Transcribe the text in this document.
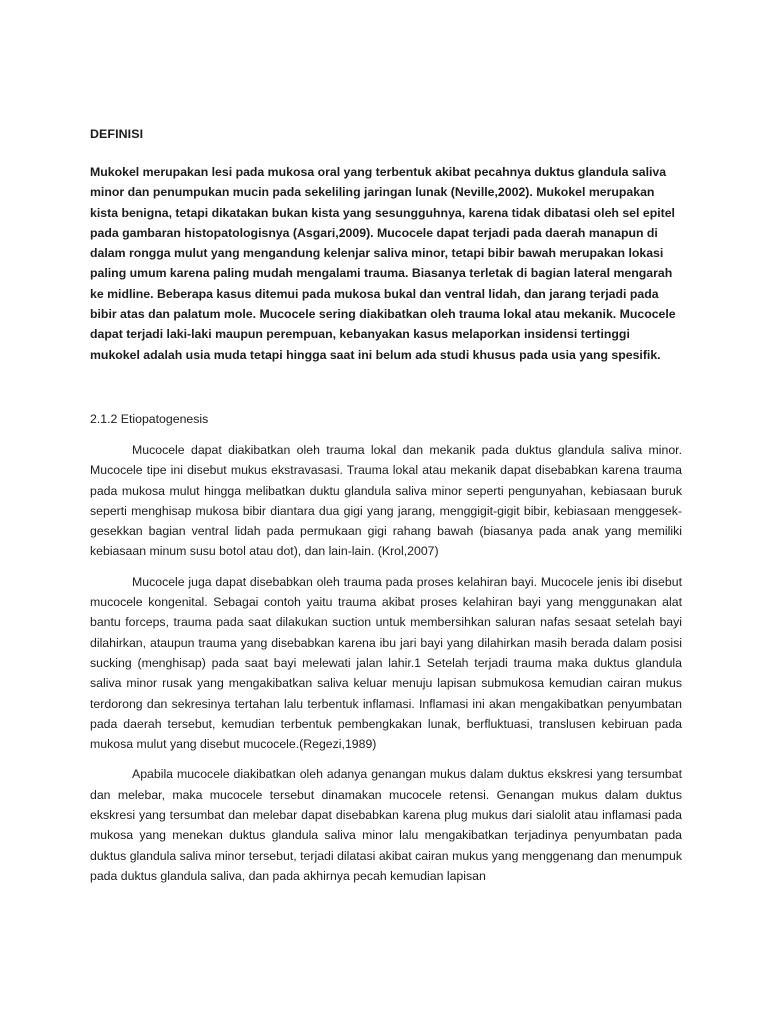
DEFINISI

Mukokel merupakan lesi pada mukosa oral yang terbentuk akibat pecahnya duktus glandula saliva minor dan penumpukan mucin pada sekeliling jaringan lunak (Neville,2002). Mukokel merupakan kista benigna, tetapi dikatakan bukan kista yang sesungguhnya, karena tidak dibatasi oleh sel epitel pada gambaran histopatologisnya (Asgari,2009). Mucocele dapat terjadi pada daerah manapun di dalam rongga mulut yang mengandung kelenjar saliva minor, tetapi bibir bawah merupakan lokasi paling umum karena paling mudah mengalami trauma. Biasanya terletak di bagian lateral mengarah ke midline. Beberapa kasus ditemui pada mukosa bukal dan ventral lidah, dan jarang terjadi pada bibir atas dan palatum mole. Mucocele sering diakibatkan oleh trauma lokal atau mekanik. Mucocele dapat terjadi laki-laki maupun perempuan, kebanyakan kasus melaporkan insidensi tertinggi mukokel adalah usia muda tetapi hingga saat ini belum ada studi khusus pada usia yang spesifik.

2.1.2 Etiopatogenesis

Mucocele dapat diakibatkan oleh trauma lokal dan mekanik pada duktus glandula saliva minor. Mucocele tipe ini disebut mukus ekstravasasi. Trauma lokal atau mekanik dapat disebabkan karena trauma pada mukosa mulut hingga melibatkan duktu glandula saliva minor seperti pengunyahan, kebiasaan buruk seperti menghisap mukosa bibir diantara dua gigi yang jarang, menggigit-gigit bibir, kebiasaan menggesek-gesekkan bagian ventral lidah pada permukaan gigi rahang bawah (biasanya pada anak yang memiliki kebiasaan minum susu botol atau dot), dan lain-lain. (Krol,2007)

Mucocele juga dapat disebabkan oleh trauma pada proses kelahiran bayi. Mucocele jenis ibi disebut mucocele kongenital. Sebagai contoh yaitu trauma akibat proses kelahiran bayi yang menggunakan alat bantu forceps, trauma pada saat dilakukan suction untuk membersihkan saluran nafas sesaat setelah bayi dilahirkan, ataupun trauma yang disebabkan karena ibu jari bayi yang dilahirkan masih berada dalam posisi sucking (menghisap) pada saat bayi melewati jalan lahir.1 Setelah terjadi trauma maka duktus glandula saliva minor rusak yang mengakibatkan saliva keluar menuju lapisan submukosa kemudian cairan mukus terdorong dan sekresinya tertahan lalu terbentuk inflamasi. Inflamasi ini akan mengakibatkan penyumbatan pada daerah tersebut, kemudian terbentuk pembengkakan lunak, berfluktuasi, translusen kebiruan pada mukosa mulut yang disebut mucocele.(Regezi,1989)

Apabila mucocele diakibatkan oleh adanya genangan mukus dalam duktus ekskresi yang tersumbat dan melebar, maka mucocele tersebut dinamakan mucocele retensi. Genangan mukus dalam duktus ekskresi yang tersumbat dan melebar dapat disebabkan karena plug mukus dari sialolit atau inflamasi pada mukosa yang menekan duktus glandula saliva minor lalu mengakibatkan terjadinya penyumbatan pada duktus glandula saliva minor tersebut, terjadi dilatasi akibat cairan mukus yang menggenang dan menumpuk pada duktus glandula saliva, dan pada akhirnya pecah kemudian lapisan
